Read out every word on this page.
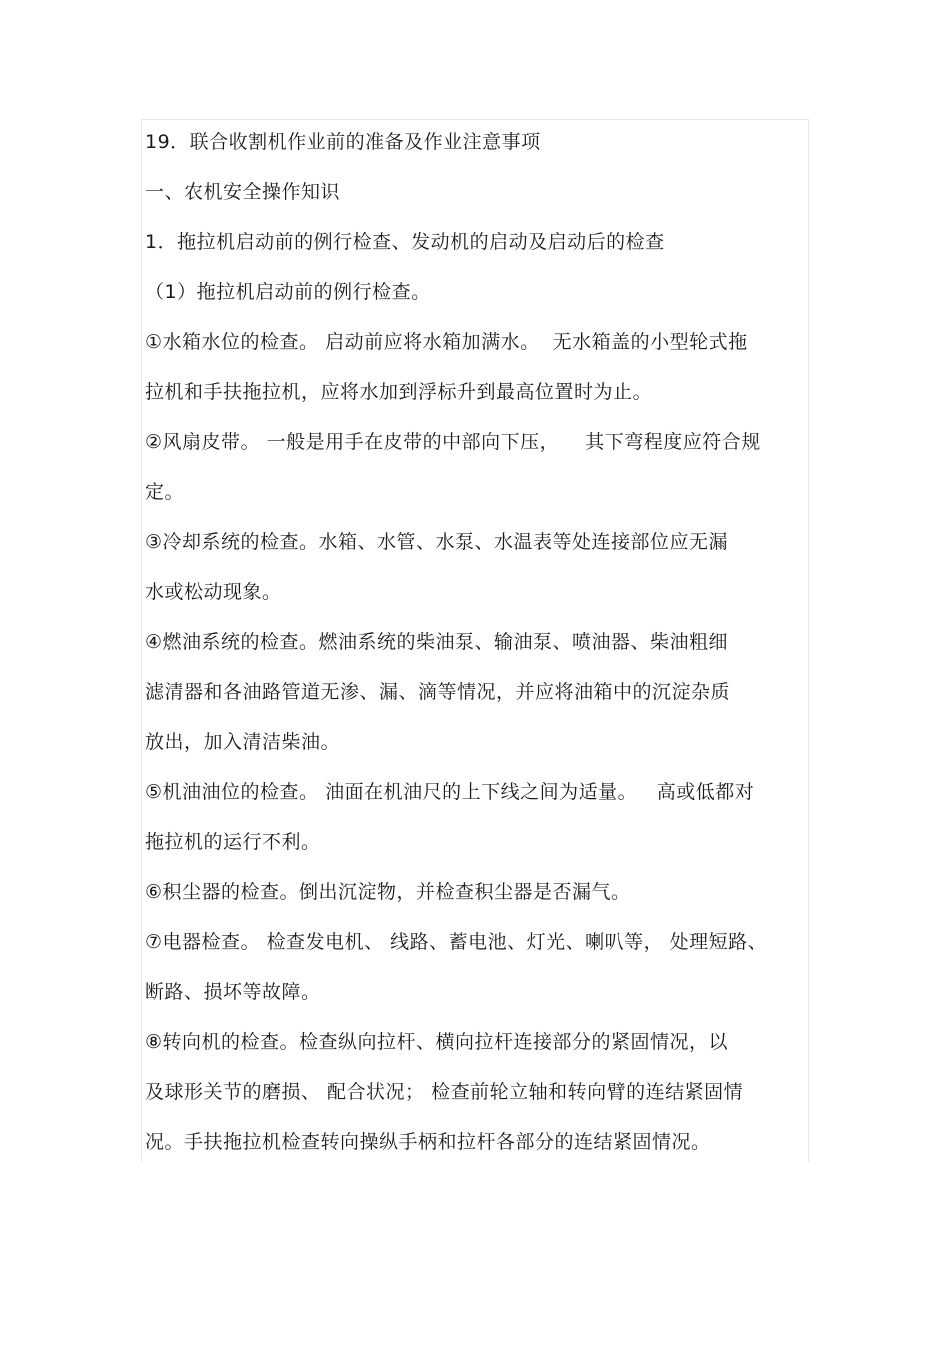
19．联合收割机作业前的准备及作业注意事项
一、农机安全操作知识
1．拖拉机启动前的例行检查、发动机的启动及启动后的检查
（1）拖拉机启动前的例行检查。
①水箱水位的检查。 启动前应将水箱加满水。  无水箱盖的小型轮式拖
拉机和手扶拖拉机，应将水加到浮标升到最高位置时为止。
②风扇皮带。 一般是用手在皮带的中部向下压，    其下弯程度应符合规
定。
③冷却系统的检查。水箱、水管、水泵、水温表等处连接部位应无漏
水或松动现象。
④燃油系统的检查。燃油系统的柴油泵、输油泵、喷油器、柴油粗细
滤清器和各油路管道无渗、漏、滴等情况，并应将油箱中的沉淀杂质
放出，加入清洁柴油。
⑤机油油位的检查。 油面在机油尺的上下线之间为适量。   高或低都对
拖拉机的运行不利。
⑥积尘器的检查。倒出沉淀物，并检查积尘器是否漏气。
⑦电器检查。 检查发电机、 线路、蓄电池、灯光、喇叭等， 处理短路、
断路、损坏等故障。
⑧转向机的检查。检查纵向拉杆、横向拉杆连接部分的紧固情况，以
及球形关节的磨损、 配合状况； 检查前轮立轴和转向臂的连结紧固情
况。手扶拖拉机检查转向操纵手柄和拉杆各部分的连结紧固情况。
